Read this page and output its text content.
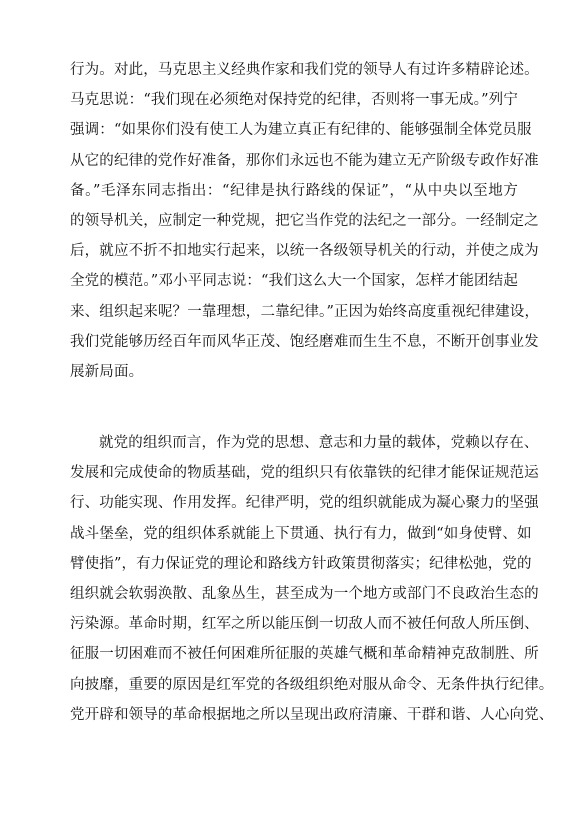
行为。对此，马克思主义经典作家和我们党的领导人有过许多精辟论述。
马克思说：“我们现在必须绝对保持党的纪律，否则将一事无成。”列宁
强调：“如果你们没有使工人为建立真正有纪律的、能够强制全体党员服
从它的纪律的党作好准备，那你们永远也不能为建立无产阶级专政作好准
备。”毛泽东同志指出：“纪律是执行路线的保证”，“从中央以至地方
的领导机关，应制定一种党规，把它当作党的法纪之一部分。一经制定之
后，就应不折不扣地实行起来，以统一各级领导机关的行动，并使之成为
全党的模范。”邓小平同志说：“我们这么大一个国家，怎样才能团结起
来、组织起来呢？一靠理想，二靠纪律。”正因为始终高度重视纪律建设，
我们党能够历经百年而风华正茂、饱经磨难而生生不息，不断开创事业发
展新局面。
就党的组织而言，作为党的思想、意志和力量的载体，党赖以存在、
发展和完成使命的物质基础，党的组织只有依靠铁的纪律才能保证规范运
行、功能实现、作用发挥。纪律严明，党的组织就能成为凝心聚力的坚强
战斗堡垒，党的组织体系就能上下贯通、执行有力，做到“如身使臂、如
臂使指”，有力保证党的理论和路线方针政策贯彻落实；纪律松弛，党的
组织就会软弱涣散、乱象丛生，甚至成为一个地方或部门不良政治生态的
污染源。革命时期，红军之所以能压倒一切敌人而不被任何敌人所压倒、
征服一切困难而不被任何困难所征服的英雄气概和革命精神克敌制胜、所
向披靡，重要的原因是红军党的各级组织绝对服从命令、无条件执行纪律。
党开辟和领导的革命根据地之所以呈现出政府清廉、干群和谐、人心向党、
